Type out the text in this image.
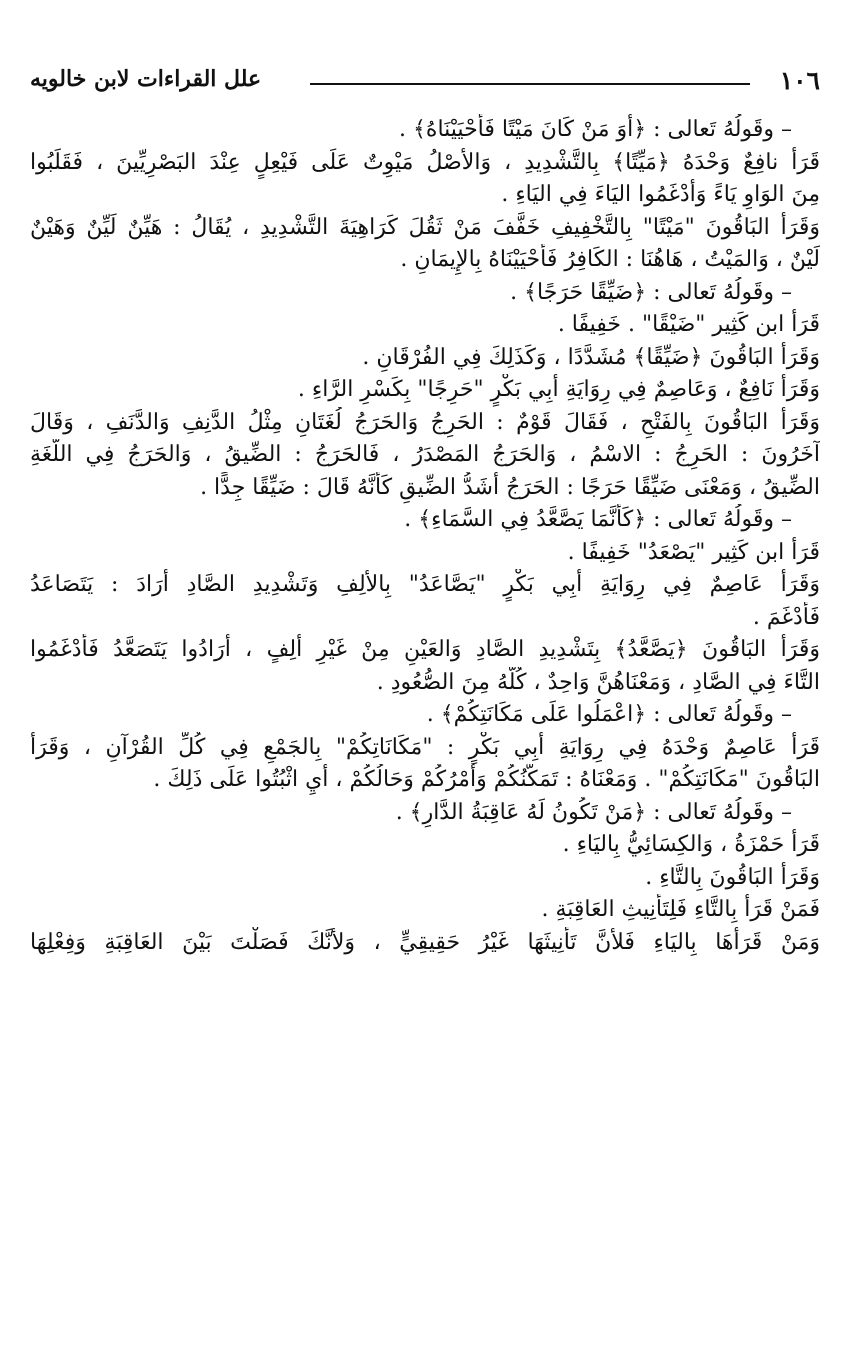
١٠٦
علل القراءات لابن خالويه
– وقَولُهُ تَعالى : ﴿أوَ مَنْ كَانَ مَيْتًا فَأَحْيَيْنَاهُ﴾ .
قَرَأَ نافِعٌ وَحْدَهُ ﴿مَيِّتًا﴾ بِالتَّشْدِيدِ ، وَالأَصْلُ مَيْوِتٌ عَلَى فَيْعِلٍ عِنْدَ البَصْرِيِّينَ ، فَقَلَبُوا
مِنَ الوَاوِ يَاءً وَأَدْغَمُوا اليَاءَ فِي اليَاءِ .
وَقَرَأَ البَاقُونَ "مَيْتًا" بِالتَّخْفِيفِ خَفَّفَ مَنْ ثَقُلَ كَرَاهِيَةَ التَّشْدِيدِ ، يُقَالُ : هَيِّنٌ لَيِّنٌ وَهَيْنٌ
لَيْنٌ ، وَالمَيْتُ ، هَاهُنَا : الكَافِرُ فَأَحْيَيْنَاهُ بِالإِيمَانِ .
– وقَولُهُ تَعالى : ﴿ضَيِّقًا حَرَجًا﴾ .
قَرَأَ ابن كَثِير "ضَيْقًا" . خَفِيفًا .
وَقَرَأَ البَاقُونَ ﴿ضَيِّقًا﴾ مُشَدَّدًا ، وَكَذَلِكَ فِي الفُرْقَانِ .
وَقَرَأَ نَافِعٌ ، وَعَاصِمٌ فِي رِوَايَةِ أَبِي بَكْرٍ "حَرِجًا" بِكَسْرِ الرَّاءِ .
وَقَرَأَ البَاقُونَ بِالفَتْحِ ، فَقَالَ قَوْمٌ : الحَرِجُ وَالحَرَجُ لُغَتَانِ مِثْلُ الدَّنِفِ وَالدَّنَفِ ، وَقَالَ
آخَرُونَ : الحَرِجُ : الاسْمُ ، وَالحَرَجُ المَصْدَرُ ، فَالحَرَجُ : الضِّيقُ ، وَالحَرَجُ فِي اللُّغَةِ
الضِّيقُ ، وَمَعْنَى ضَيِّقًا حَرَجًا : الحَرَجُ أَشَدُّ الضِّيقِ كَأَنَّهُ قَالَ : ضَيِّقًا جِدًّا .
– وقَولُهُ تَعالى : ﴿كَأَنَّمَا يَصَّعَّدُ فِي السَّمَاءِ﴾ .
قَرَأَ ابن كَثِير "يَصْعَدُ" خَفِيفًا .
وَقَرَأَ عَاصِمٌ فِي رِوَايَةِ أَبِي بَكْرٍ "يَصَّاعَدُ" بِالأَلِفِ وَتَشْدِيدِ الصَّادِ أَرَادَ : يَتَصَاعَدُ
فَأَدْغَمَ .
وَقَرَأَ البَاقُونَ ﴿يَصَّعَّدُ﴾ بِتَشْدِيدِ الصَّادِ وَالعَيْنِ مِنْ غَيْرِ أَلِفٍ ، أَرَادُوا يَتَصَعَّدُ فَأَدْغَمُوا
التَّاءَ فِي الصَّادِ ، وَمَعْنَاهُنَّ وَاحِدٌ ، كُلُّهُ مِنَ الصُّعُودِ .
– وقَولُهُ تَعالى : ﴿اعْمَلُوا عَلَى مَكَانَتِكُمْ﴾ .
قَرَأَ عَاصِمٌ وَحْدَهُ فِي رِوَايَةِ أَبِي بَكْرٍ : "مَكَانَاتِكُمْ" بِالجَمْعِ فِي كُلِّ القُرْآنِ ، وَقَرَأَ
البَاقُونَ "مَكَانَتِكُمْ" . وَمَعْنَاهُ : تَمَكُّنُكُمْ وَأَمْرُكُمْ وَحَالُكُمْ ، أَيِ اثْبُتُوا عَلَى ذَلِكَ .
– وقَولُهُ تَعالى : ﴿مَنْ تَكُونُ لَهُ عَاقِبَةُ الدَّارِ﴾ .
قَرَأَ حَمْزَةُ ، وَالكِسَائِيُّ بِاليَاءِ .
وَقَرَأَ البَاقُونَ بِالتَّاءِ .
فَمَنْ قَرَأَ بِالتَّاءِ فَلِتَأْنِيثِ العَاقِبَةِ .
وَمَنْ قَرَأَهَا بِاليَاءِ فَلأَنَّ تَأْنِيثَهَا غَيْرُ حَقِيقِيٍّ ، وَلأَنَّكَ فَصَلْتَ بَيْنَ العَاقِبَةِ وَفِعْلِهَا
